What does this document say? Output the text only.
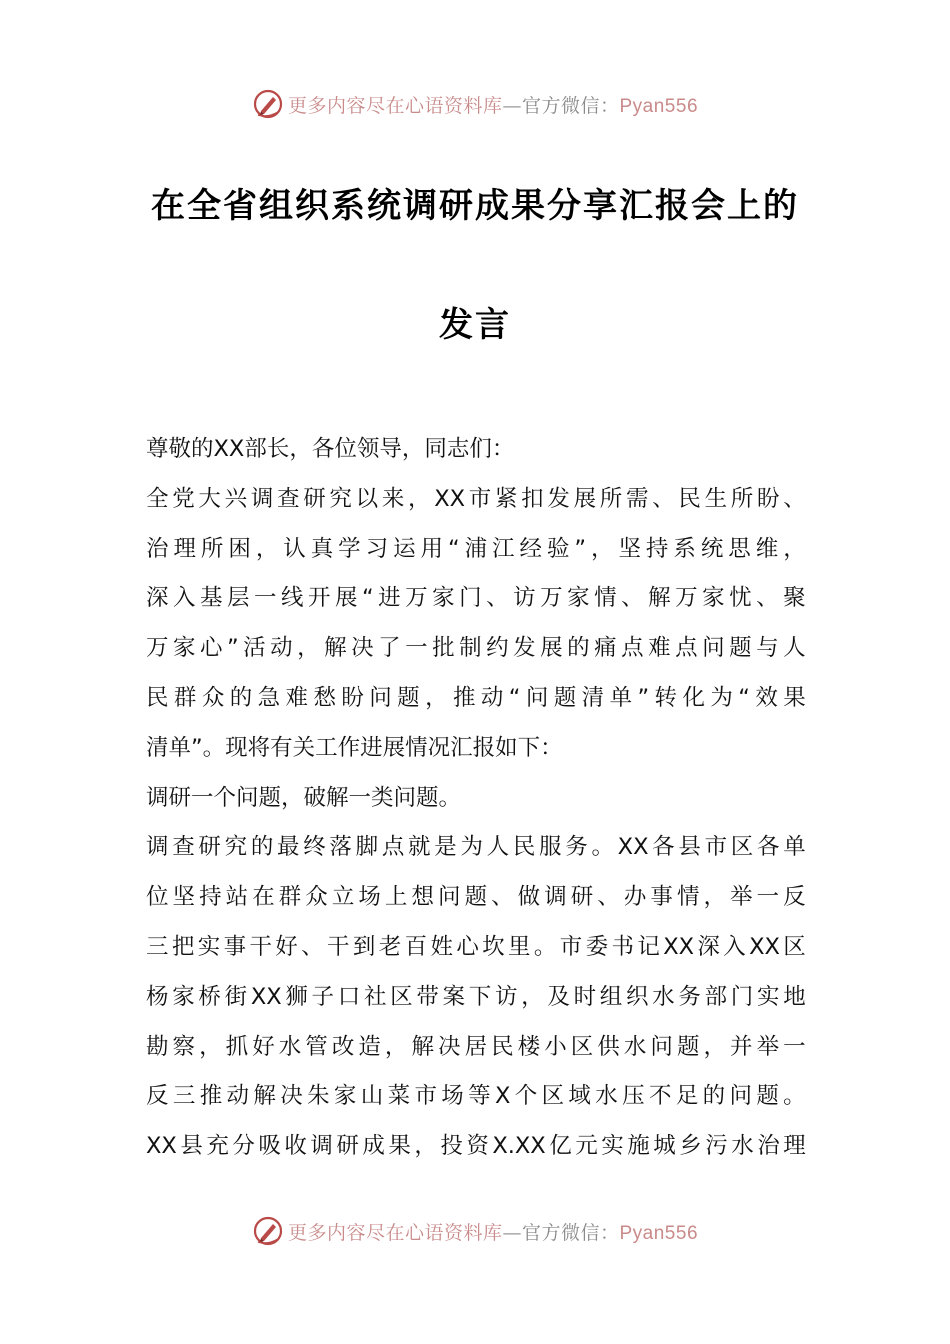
更多内容尽在心语资料库—官方微信：Pyan556
在全省组织系统调研成果分享汇报会上的
发言
尊敬的XX部长，各位领导，同志们：
全 党 大 兴 调 查 研 究 以 来 ， XX 市 紧 扣 发 展 所 需 、 民 生 所 盼 、
治 理 所 困 ， 认 真 学 习 运 用 “ 浦 江 经 验 ” ， 坚 持 系 统 思 维 ，
深 入 基 层 一 线 开 展 “ 进 万 家 门 、 访 万 家 情 、 解 万 家 忧 、 聚
万 家 心 ” 活 动 ， 解 决 了 一 批 制 约 发 展 的 痛 点 难 点 问 题 与 人
民 群 众 的 急 难 愁 盼 问 题 ， 推 动 “ 问 题 清 单 ” 转 化 为 “ 效 果
清单”。现将有关工作进展情况汇报如下：
调研一个问题，破解一类问题。
调 查 研 究 的 最 终 落 脚 点 就 是 为 人 民 服 务 。 XX 各 县 市 区 各 单
位 坚 持 站 在 群 众 立 场 上 想 问 题 、 做 调 研 、 办 事 情 ， 举 一 反
三 把 实 事 干 好 、 干 到 老 百 姓 心 坎 里 。 市 委 书 记 XX 深 入 XX 区
杨 家 桥 街 XX 狮 子 口 社 区 带 案 下 访 ， 及 时 组 织 水 务 部 门 实 地
勘 察 ， 抓 好 水 管 改 造 ， 解 决 居 民 楼 小 区 供 水 问 题 ， 并 举 一
反 三 推 动 解 决 朱 家 山 菜 市 场 等 X 个 区 域 水 压 不 足 的 问 题 。
XX 县 充 分 吸 收 调 研 成 果 ， 投 资 X.XX 亿 元 实 施 城 乡 污 水 治 理
更多内容尽在心语资料库—官方微信：Pyan556
